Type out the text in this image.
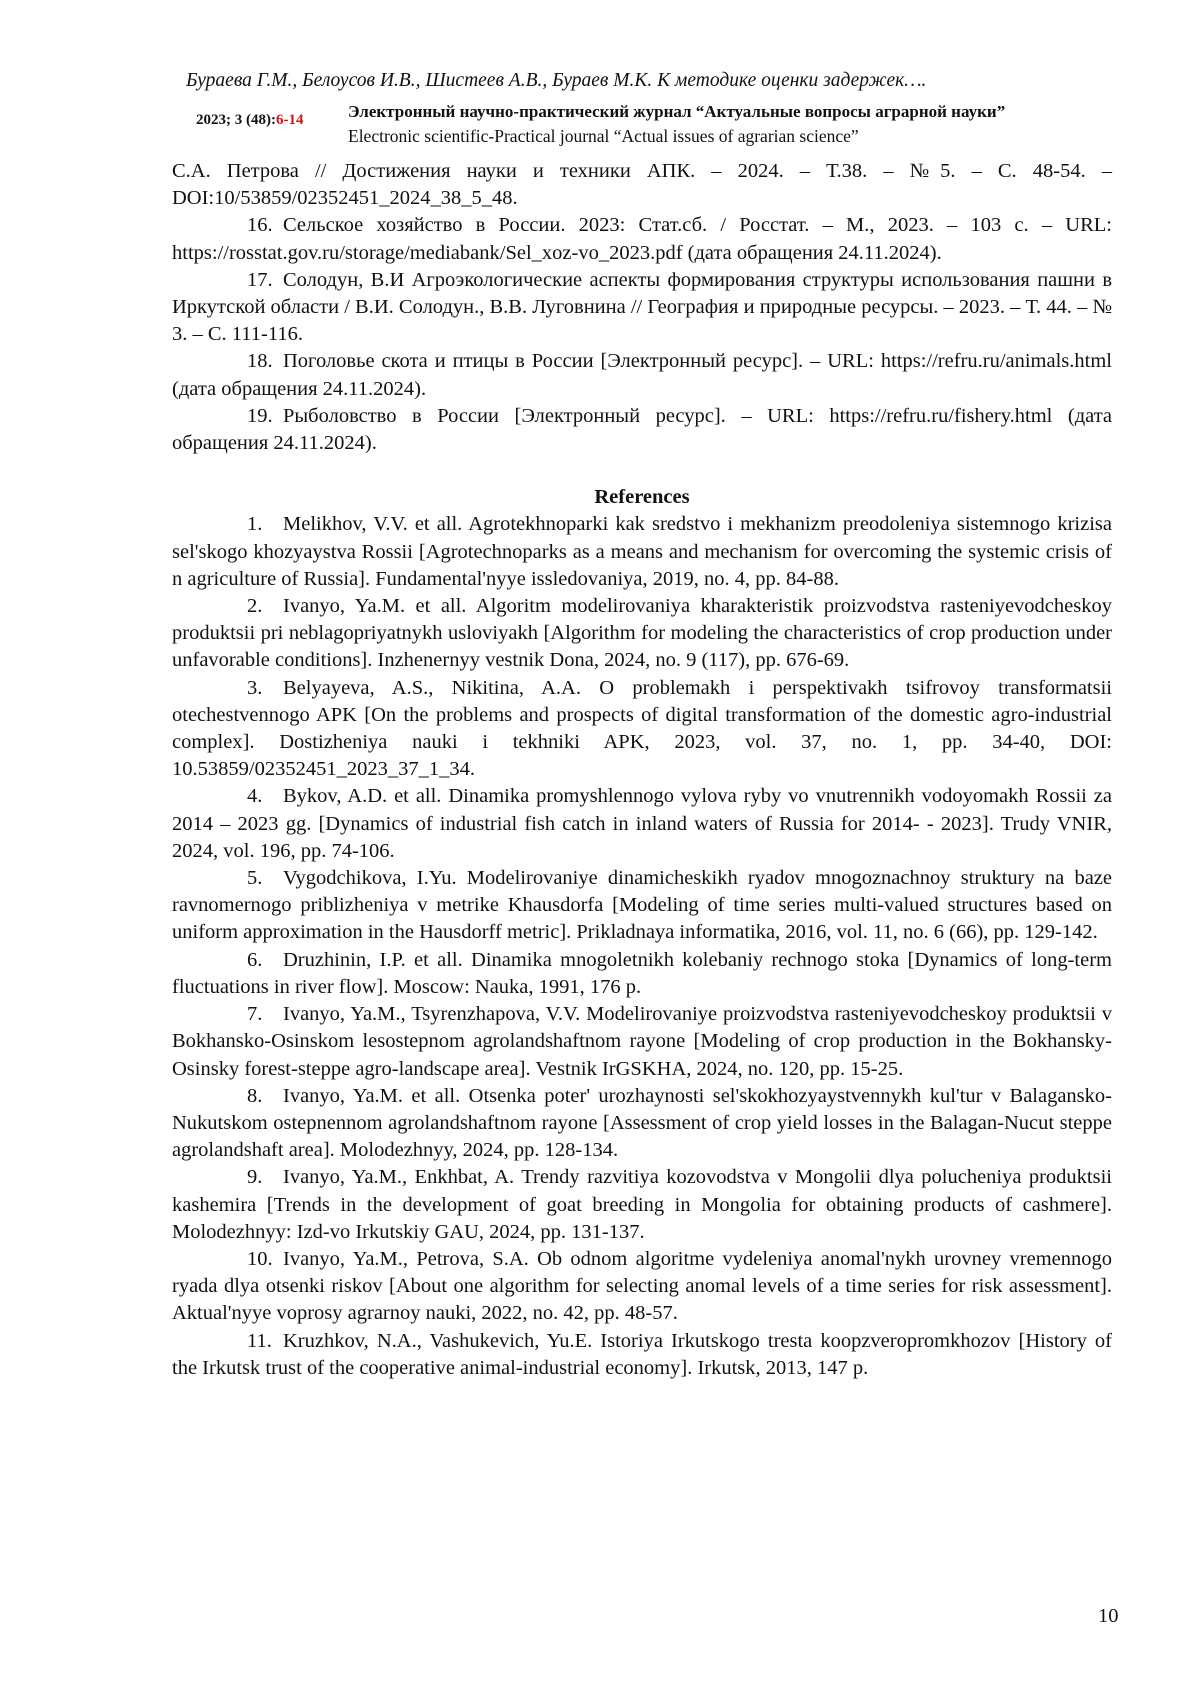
Бураева Г.М., Белоусов И.В., Шистеев А.В., Бураев М.К. К методике оценки задержек….
2023; 3 (48):6-14	Электронный научно-практический журнал “Актуальные вопросы аграрной науки”
Electronic scientific-Practical journal “Actual issues of agrarian science”

С.А. Петрова // Достижения науки и техники АПК. – 2024. – Т.38. – №5. – С. 48-54. – DOI:10/53859/02352451_2024_38_5_48.

16. Сельское хозяйство в России. 2023: Стат.сб. / Росстат. – М., 2023. – 103 с. – URL: https://rosstat.gov.ru/storage/mediabank/Sel_xoz-vo_2023.pdf (дата обращения 24.11.2024).

17. Солодун, В.И Агроэкологические аспекты формирования структуры использования пашни в Иркутской области / В.И. Солодун., В.В. Луговнина // География и природные ресурсы. – 2023. – Т. 44. – № 3. – С. 111-116.

18. Поголовье скота и птицы в России [Электронный ресурс]. – URL: https://refru.ru/animals.html (дата обращения 24.11.2024).

19. Рыболовство в России [Электронный ресурс]. – URL: https://refru.ru/fishery.html (дата обращения 24.11.2024).

References

1. Melikhov, V.V. et all. Agrotekhnoparki kak sredstvo i mekhanizm preodoleniya sistemnogo krizisa sel'skogo khozyaystva Rossii [Agrotechnoparks as a means and mechanism for overcoming the systemic crisis of n agriculture of Russia]. Fundamental'nyye issledovaniya, 2019, no. 4, pp. 84-88.

2. Ivanyo, Ya.M. et all. Algoritm modelirovaniya kharakteristik proizvodstva rasteniyevodcheskoy produktsii pri neblagopriyatnykh usloviyakh [Algorithm for modeling the characteristics of crop production under unfavorable conditions]. Inzhenernyy vestnik Dona, 2024, no. 9 (117), pp. 676-69.

3. Belyayeva, A.S., Nikitina, A.A. O problemakh i perspektivakh tsifrovoy transformatsii otechestvennogo APK [On the problems and prospects of digital transformation of the domestic agro-industrial complex]. Dostizheniya nauki i tekhniki APK, 2023, vol. 37, no. 1, pp. 34-40, DOI: 10.53859/02352451_2023_37_1_34.

4. Bykov, A.D. et all. Dinamika promyshlennogo vylova ryby vo vnutrennikh vodoyomakh Rossii za 2014 – 2023 gg. [Dynamics of industrial fish catch in inland waters of Russia for 2014- - 2023]. Trudy VNIR, 2024, vol. 196, pp. 74-106.

5. Vygodchikova, I.Yu. Modelirovaniye dinamicheskikh ryadov mnogoznachnoy struktury na baze ravnomernogo priblizheniya v metrike Khausdorfa [Modeling of time series multi-valued structures based on uniform approximation in the Hausdorff metric]. Prikladnaya informatika, 2016, vol. 11, no. 6 (66), pp. 129-142.

6. Druzhinin, I.P. et all. Dinamika mnogoletnikh kolebaniy rechnogo stoka [Dynamics of long-term fluctuations in river flow]. Moscow: Nauka, 1991, 176 p.

7. Ivanyo, Ya.M., Tsyrenzhapova, V.V. Modelirovaniye proizvodstva rasteniyevodcheskoy produktsii v Bokhansko-Osinskom lesostepnom agrolandshaftnom rayone [Modeling of crop production in the Bokhansky-Osinsky forest-steppe agro-landscape area]. Vestnik IrGSKHA, 2024, no. 120, pp. 15-25.

8. Ivanyo, Ya.M. et all. Otsenka poter' urozhaynosti sel'skokhozyaystvennykh kul'tur v Balagansko-Nukutskom ostepnennom agrolandshaftnom rayone [Assessment of crop yield losses in the Balagan-Nucut steppe agrolandshaft area]. Molodezhnyy, 2024, pp. 128-134.

9. Ivanyo, Ya.M., Enkhbat, A. Trendy razvitiya kozovodstva v Mongolii dlya polucheniya produktsii kashemira [Trends in the development of goat breeding in Mongolia for obtaining products of cashmere]. Molodezhnyy: Izd-vo Irkutskiy GAU, 2024, pp. 131-137.

10. Ivanyo, Ya.M., Petrova, S.A. Ob odnom algoritme vydeleniya anomal'nykh urovney vremennogo ryada dlya otsenki riskov [About one algorithm for selecting anomal levels of a time series for risk assessment]. Aktual'nyye voprosy agrarnoy nauki, 2022, no. 42, pp. 48-57.

11. Kruzhkov, N.A., Vashukevich, Yu.E. Istoriya Irkutskogo tresta koopzveropromkhozov [History of the Irkutsk trust of the cooperative animal-industrial economy]. Irkutsk, 2013, 147 p.

10
